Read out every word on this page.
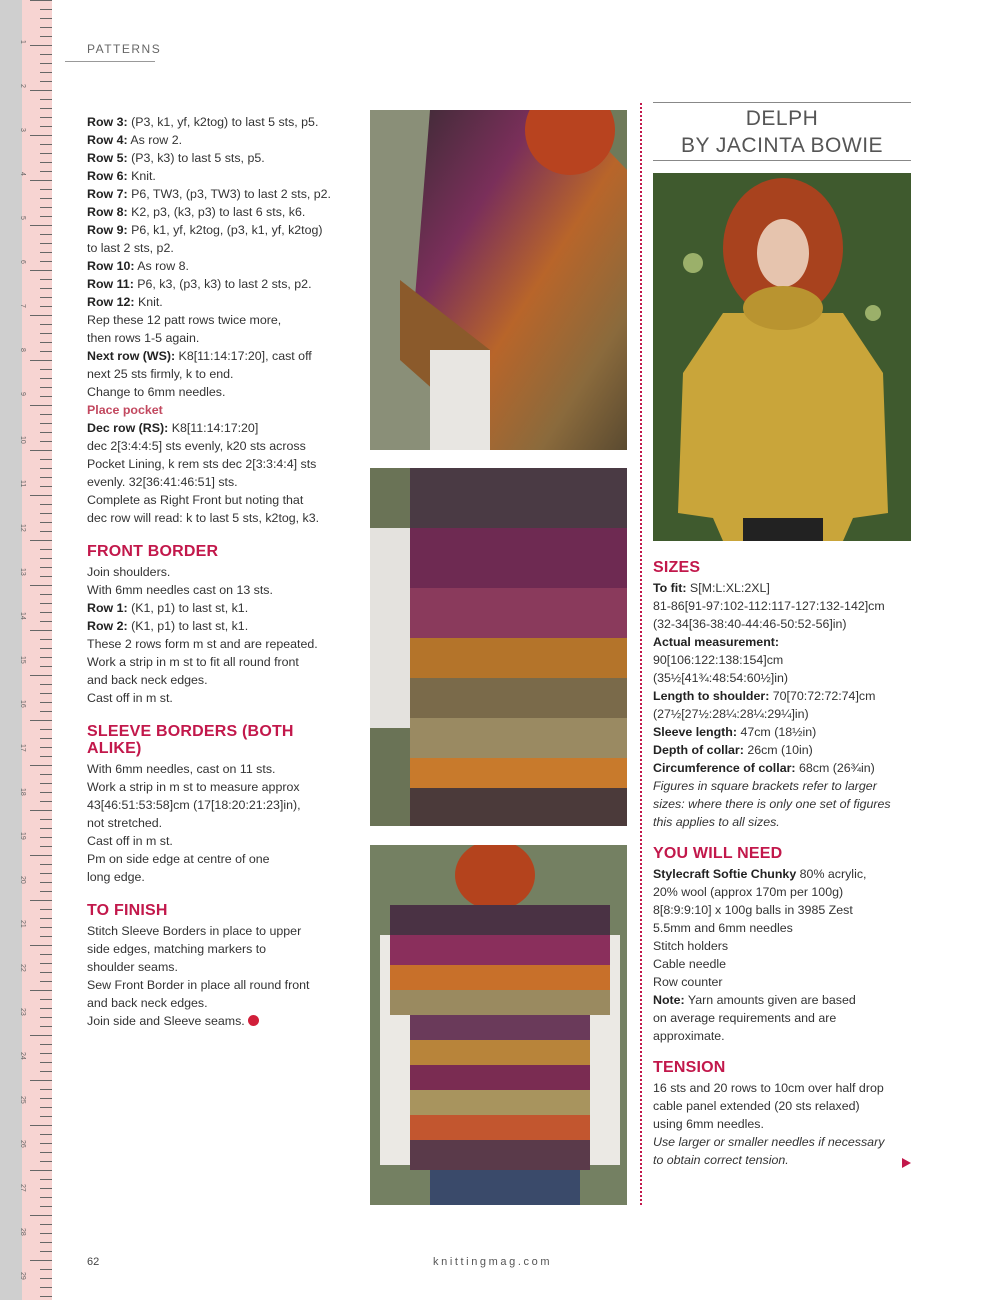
1
2
3
4
5
6
7
8
9
10
11
12
13
14
15
16
17
18
19
20
21
22
23
24
25
26
27
28
29
PATTERNS

Row 3: (P3, k1, yf, k2tog) to last 5 sts, p5.

Row 4: As row 2.

Row 5: (P3, k3) to last 5 sts, p5.

Row 6: Knit.

Row 7: P6, TW3, (p3, TW3) to last 2 sts, p2.

Row 8: K2, p3, (k3, p3) to last 6 sts, k6.

Row 9: P6, k1, yf, k2tog, (p3, k1, yf, k2tog)

to last 2 sts, p2.

Row 10: As row 8.

Row 11: P6, k3, (p3, k3) to last 2 sts, p2.

Row 12: Knit.

Rep these 12 patt rows twice more,

then rows 1-5 again.

Next row (WS): K8[11:14:17:20], cast off

next 25 sts firmly, k to end.

Change to 6mm needles.

Place pocket

Dec row (RS): K8[11:14:17:20]

dec 2[3:4:4:5] sts evenly, k20 sts across

Pocket Lining, k rem sts dec 2[3:3:4:4] sts

evenly. 32[36:41:46:51] sts.

Complete as Right Front but noting that

dec row will read: k to last 5 sts, k2tog, k3.

FRONT BORDER

Join shoulders.

With 6mm needles cast on 13 sts.

Row 1: (K1, p1) to last st, k1.

Row 2: (K1, p1) to last st, k1.

These 2 rows form m st and are repeated.

Work a strip in m st to fit all round front

and back neck edges.

Cast off in m st.

SLEEVE BORDERS (BOTH
ALIKE)

With 6mm needles, cast on 11 sts.

Work a strip in m st to measure approx

43[46:51:53:58]cm (17[18:20:21:23]in),

not stretched.

Cast off in m st.

Pm on side edge at centre of one

long edge.

TO FINISH

Stitch Sleeve Borders in place to upper

side edges, matching markers to

shoulder seams.

Sew Front Border in place all round front

and back neck edges.

Join side and Sleeve seams.

DELPH
BY JACINTA BOWIE
SIZES

To fit: S[M:L:XL:2XL]

81-86[91-97:102-112:117-127:132-142]cm

(32-34[36-38:40-44:46-50:52-56]in)

Actual measurement:

90[106:122:138:154]cm

(35½[41¾:48:54:60½]in)

Length to shoulder: 70[70:72:72:74]cm

(27½[27½:28¼:28¼:29¼]in)

Sleeve length: 47cm (18½in)

Depth of collar: 26cm (10in)

Circumference of collar: 68cm (26¾in)

Figures in square brackets refer to larger

sizes: where there is only one set of figures

this applies to all sizes.

YOU WILL NEED

Stylecraft Softie Chunky 80% acrylic,

20% wool (approx 170m per 100g)

8[8:9:9:10] x 100g balls in 3985 Zest

5.5mm and 6mm needles

Stitch holders

Cable needle

Row counter

Note: Yarn amounts given are based

on average requirements and are

approximate.

TENSION

16 sts and 20 rows to 10cm over half drop

cable panel extended (20 sts relaxed)

using 6mm needles.

Use larger or smaller needles if necessary

to obtain correct tension.

62	knittingmag.com
